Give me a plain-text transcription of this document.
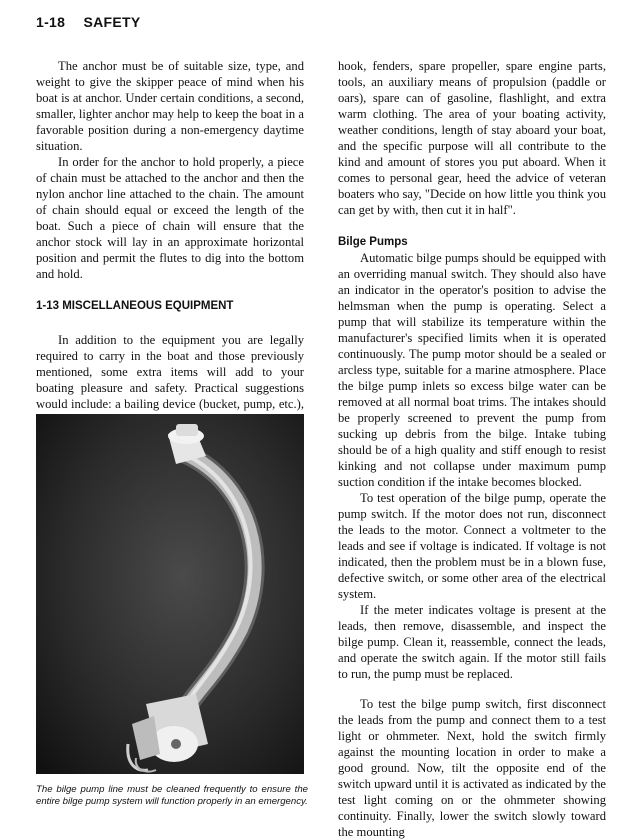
1-18 SAFETY

The anchor must be of suitable size, type, and weight to give the skipper peace of mind when his boat is at anchor. Under certain conditions, a second, smaller, lighter anchor may help to keep the boat in a favorable position during a non-emergency daytime situation.

In order for the anchor to hold properly, a piece of chain must be attached to the anchor and then the nylon anchor line attached to the chain. The amount of chain should equal or exceed the length of the boat. Such a piece of chain will ensure that the anchor stock will lay in an approximate horizontal position and permit the flutes to dig into the bottom and hold.

1-13 MISCELLANEOUS EQUIPMENT

In addition to the equipment you are legally required to carry in the boat and those previously mentioned, some extra items will add to your boating pleasure and safety. Practical suggestions would include: a bailing device (bucket, pump, etc.),

The bilge pump line must be cleaned frequently to ensure the entire bilge pump system will function properly in an emergency.

hook, fenders, spare propeller, spare engine parts, tools, an auxiliary means of propulsion (paddle or oars), spare can of gasoline, flashlight, and extra warm clothing. The area of your boating activity, weather conditions, length of stay aboard your boat, and the specific purpose will all contribute to the kind and amount of stores you put aboard. When it comes to personal gear, heed the advice of veteran boaters who say, "Decide on how little you think you can get by with, then cut it in half".

Bilge Pumps

Automatic bilge pumps should be equipped with an overriding manual switch. They should also have an indicator in the operator's position to advise the helmsman when the pump is operating. Select a pump that will stabilize its temperature within the manufacturer's specified limits when it is operated continuously. The pump motor should be a sealed or arcless type, suitable for a marine atmosphere. Place the bilge pump inlets so excess bilge water can be removed at all normal boat trims. The intakes should be properly screened to prevent the pump from sucking up debris from the bilge. Intake tubing should be of a high quality and stiff enough to resist kinking and not collapse under maximum pump suction condition if the intake becomes blocked.

To test operation of the bilge pump, operate the pump switch. If the motor does not run, disconnect the leads to the motor. Connect a voltmeter to the leads and see if voltage is indicated. If voltage is not indicated, then the problem must be in a blown fuse, defective switch, or some other area of the electrical system.

If the meter indicates voltage is present at the leads, then remove, disassemble, and inspect the bilge pump. Clean it, reassemble, connect the leads, and operate the switch again. If the motor still fails to run, the pump must be replaced.

To test the bilge pump switch, first disconnect the leads from the pump and connect them to a test light or ohmmeter. Next, hold the switch firmly against the mounting location in order to make a good ground. Now, tilt the opposite end of the switch upward until it is activated as indicated by the test light coming on or the ohmmeter showing continuity. Finally, lower the switch slowly toward the mounting
